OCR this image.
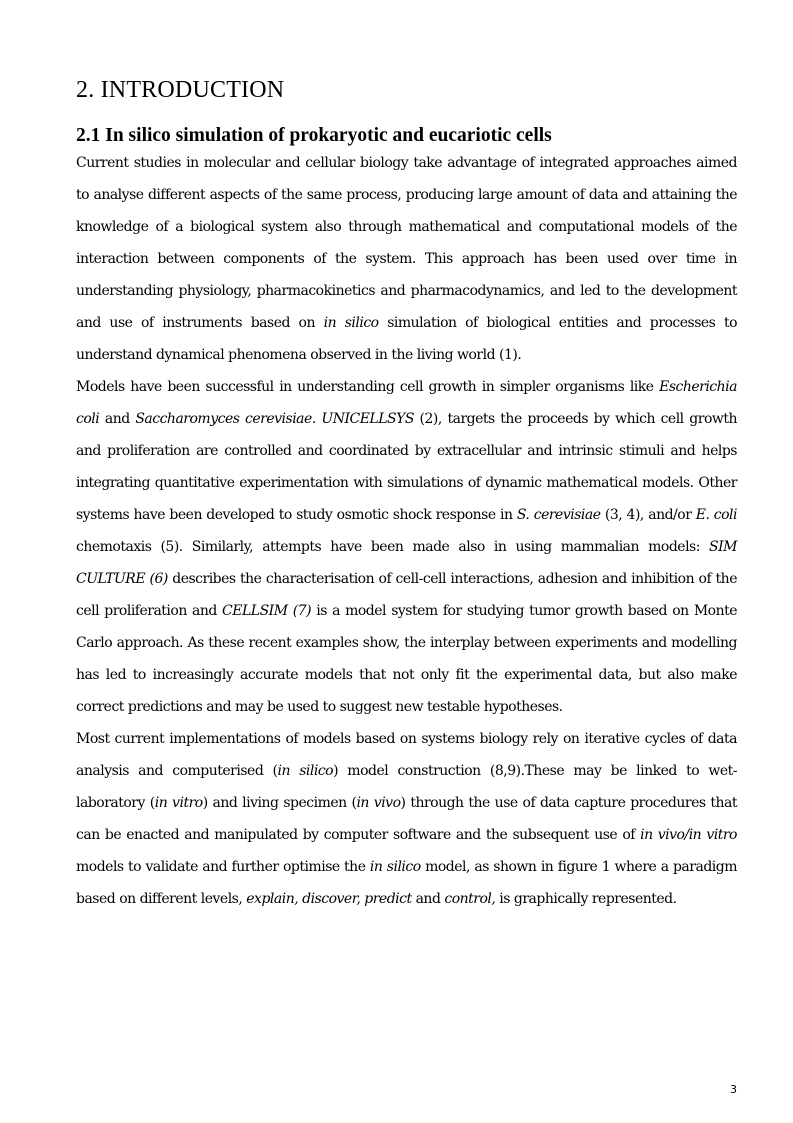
2. INTRODUCTION
2.1 In silico simulation of prokaryotic and eucariotic cells

Current studies in molecular and cellular biology take advantage of integrated approaches aimed to analyse different aspects of the same process, producing large amount of data and attaining the knowledge of a biological system also through mathematical and computational models of the interaction between components of the system. This approach has been used over time in understanding physiology, pharmacokinetics and pharmacodynamics, and led to the development and use of instruments based on in silico simulation of biological entities and processes to understand dynamical phenomena observed in the living world (1).

Models have been successful in understanding cell growth in simpler organisms like Escherichia coli and Saccharomyces cerevisiae. UNICELLSYS (2), targets the proceeds by which cell growth and proliferation are controlled and coordinated by extracellular and intrinsic stimuli and helps integrating quantitative experimentation with simulations of dynamic mathematical models. Other systems have been developed to study osmotic shock response in S. cerevisiae (3, 4), and/or E. coli chemotaxis (5). Similarly, attempts have been made also in using mammalian models: SIM CULTURE (6) describes the characterisation of cell-cell interactions, adhesion and inhibition of the cell proliferation and CELLSIM (7) is a model system for studying tumor growth based on Monte Carlo approach. As these recent examples show, the interplay between experiments and modelling has led to increasingly accurate models that not only fit the experimental data, but also make correct predictions and may be used to suggest new testable hypotheses.

Most current implementations of models based on systems biology rely on iterative cycles of data analysis and computerised (in silico) model construction (8,9).These may be linked to wet-laboratory (in vitro) and living specimen (in vivo) through the use of data capture procedures that can be enacted and manipulated by computer software and the subsequent use of in vivo/in vitro models to validate and further optimise the in silico model, as shown in figure 1 where a paradigm based on different levels, explain, discover, predict and control, is graphically represented.

3
